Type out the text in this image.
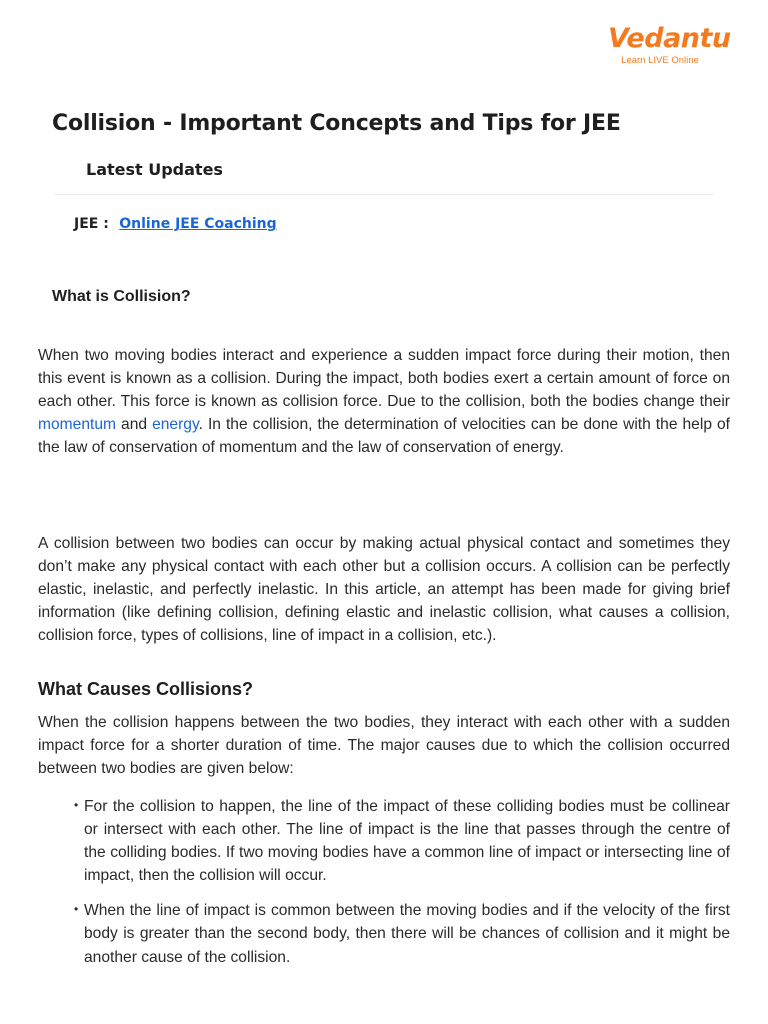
Vedantu
Learn LIVE Online
Collision - Important Concepts and Tips for JEE
Latest Updates
JEE : Online JEE Coaching
What is Collision?

When two moving bodies interact and experience a sudden impact force during their motion, then this event is known as a collision. During the impact, both bodies exert a certain amount of force on each other. This force is known as collision force. Due to the collision, both the bodies change their momentum and energy. In the collision, the determination of velocities can be done with the help of the law of conservation of momentum and the law of conservation of energy.

A collision between two bodies can occur by making actual physical contact and sometimes they don’t make any physical contact with each other but a collision occurs. A collision can be perfectly elastic, inelastic, and perfectly inelastic. In this article, an attempt has been made for giving brief information (like defining collision, defining elastic and inelastic collision, what causes a collision, collision force, types of collisions, line of impact in a collision, etc.).

What Causes Collisions?

When the collision happens between the two bodies, they interact with each other with a sudden impact force for a shorter duration of time. The major causes due to which the collision occurred between two bodies are given below:

• For the collision to happen, the line of the impact of these colliding bodies must be collinear or intersect with each other. The line of impact is the line that passes through the centre of the colliding bodies. If two moving bodies have a common line of impact or intersecting line of impact, then the collision will occur.
• When the line of impact is common between the moving bodies and if the velocity of the first body is greater than the second body, then there will be chances of collision and it might be another cause of the collision.
